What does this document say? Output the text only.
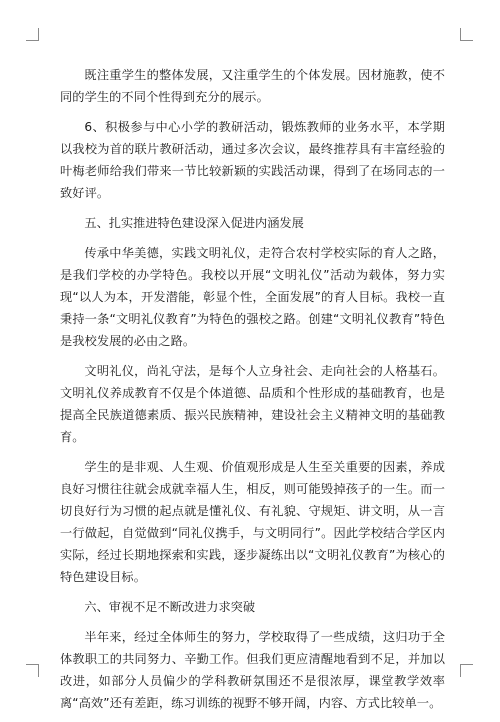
既注重学生的整体发展，又注重学生的个体发展。因材施教，使不同的学生的不同个性得到充分的展示。

6、积极参与中心小学的教研活动，锻炼教师的业务水平，本学期以我校为首的联片教研活动，通过多次会议，最终推荐具有丰富经验的叶梅老师给我们带来一节比较新颖的实践活动课，得到了在场同志的一致好评。

五、扎实推进特色建设深入促进内涵发展

传承中华美德，实践文明礼仪，走符合农村学校实际的育人之路，是我们学校的办学特色。我校以开展“文明礼仪”活动为载体，努力实现“以人为本，开发潜能，彰显个性，全面发展”的育人目标。我校一直秉持一条“文明礼仪教育”为特色的强校之路。创建“文明礼仪教育”特色是我校发展的必由之路。

文明礼仪，尚礼守法，是每个人立身社会、走向社会的人格基石。文明礼仪养成教育不仅是个体道德、品质和个性形成的基础教育，也是提高全民族道德素质、振兴民族精神，建设社会主义精神文明的基础教育。

学生的是非观、人生观、价值观形成是人生至关重要的因素，养成良好习惯往往就会成就幸福人生，相反，则可能毁掉孩子的一生。而一切良好行为习惯的起点就是懂礼仪、有礼貌、守规矩、讲文明，从一言一行做起，自觉做到“同礼仪携手，与文明同行”。因此学校结合学区内实际，经过长期地探索和实践，逐步凝练出以“文明礼仪教育”为核心的特色建设目标。

六、审视不足不断改进力求突破

半年来，经过全体师生的努力，学校取得了一些成绩，这归功于全体教职工的共同努力、辛勤工作。但我们更应清醒地看到不足，并加以改进，如部分人员偏少的学科教研氛围还不是很浓厚，课堂教学效率离“高效”还有差距，练习训练的视野不够开阔，内容、方式比较单一。
